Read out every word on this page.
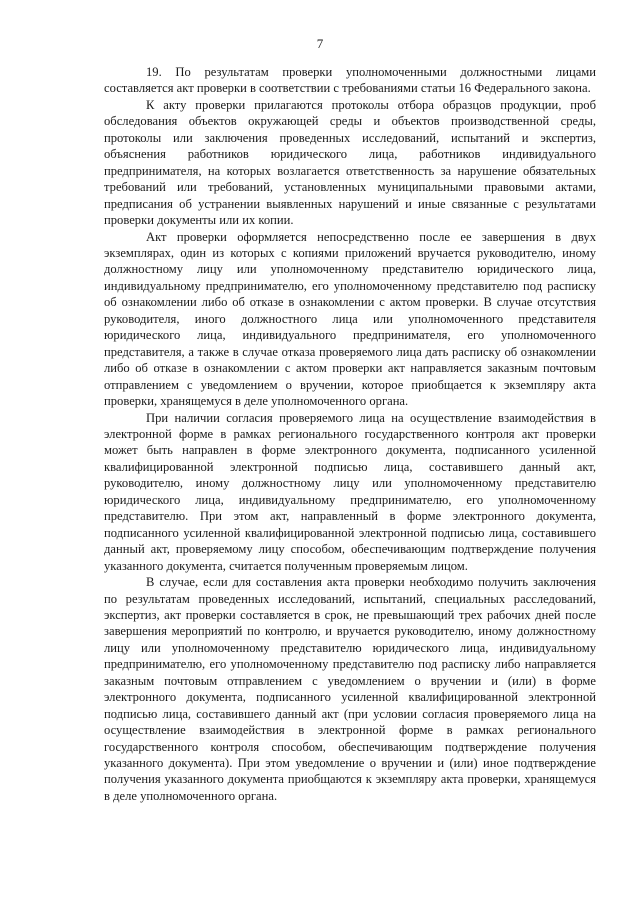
7

19. По результатам проверки уполномоченными должностными лицами составляется акт проверки в соответствии с требованиями статьи 16 Федерального закона.

К акту проверки прилагаются протоколы отбора образцов продукции, проб обследования объектов окружающей среды и объектов производственной среды, протоколы или заключения проведенных исследований, испытаний и экспертиз, объяснения работников юридического лица, работников индивидуального предпринимателя, на которых возлагается ответственность за нарушение обязательных требований или требований, установленных муниципальными правовыми актами, предписания об устранении выявленных нарушений и иные связанные с результатами проверки документы или их копии.

Акт проверки оформляется непосредственно после ее завершения в двух экземплярах, один из которых с копиями приложений вручается руководителю, иному должностному лицу или уполномоченному представителю юридического лица, индивидуальному предпринимателю, его уполномоченному представителю под расписку об ознакомлении либо об отказе в ознакомлении с актом проверки. В случае отсутствия руководителя, иного должностного лица или уполномоченного представителя юридического лица, индивидуального предпринимателя, его уполномоченного представителя, а также в случае отказа проверяемого лица дать расписку об ознакомлении либо об отказе в ознакомлении с актом проверки акт направляется заказным почтовым отправлением с уведомлением о вручении, которое приобщается к экземпляру акта проверки, хранящемуся в деле уполномоченного органа.

При наличии согласия проверяемого лица на осуществление взаимодействия в электронной форме в рамках регионального государственного контроля акт проверки может быть направлен в форме электронного документа, подписанного усиленной квалифицированной электронной подписью лица, составившего данный акт, руководителю, иному должностному лицу или уполномоченному представителю юридического лица, индивидуальному предпринимателю, его уполномоченному представителю. При этом акт, направленный в форме электронного документа, подписанного усиленной квалифицированной электронной подписью лица, составившего данный акт, проверяемому лицу способом, обеспечивающим подтверждение получения указанного документа, считается полученным проверяемым лицом.

В случае, если для составления акта проверки необходимо получить заключения по результатам проведенных исследований, испытаний, специальных расследований, экспертиз, акт проверки составляется в срок, не превышающий трех рабочих дней после завершения мероприятий по контролю, и вручается руководителю, иному должностному лицу или уполномоченному представителю юридического лица, индивидуальному предпринимателю, его уполномоченному представителю под расписку либо направляется заказным почтовым отправлением с уведомлением о вручении и (или) в форме электронного документа, подписанного усиленной квалифицированной электронной подписью лица, составившего данный акт (при условии согласия проверяемого лица на осуществление взаимодействия в электронной форме в рамках регионального государственного контроля способом, обеспечивающим подтверждение получения указанного документа). При этом уведомление о вручении и (или) иное подтверждение получения указанного документа приобщаются к экземпляру акта проверки, хранящемуся в деле уполномоченного органа.
